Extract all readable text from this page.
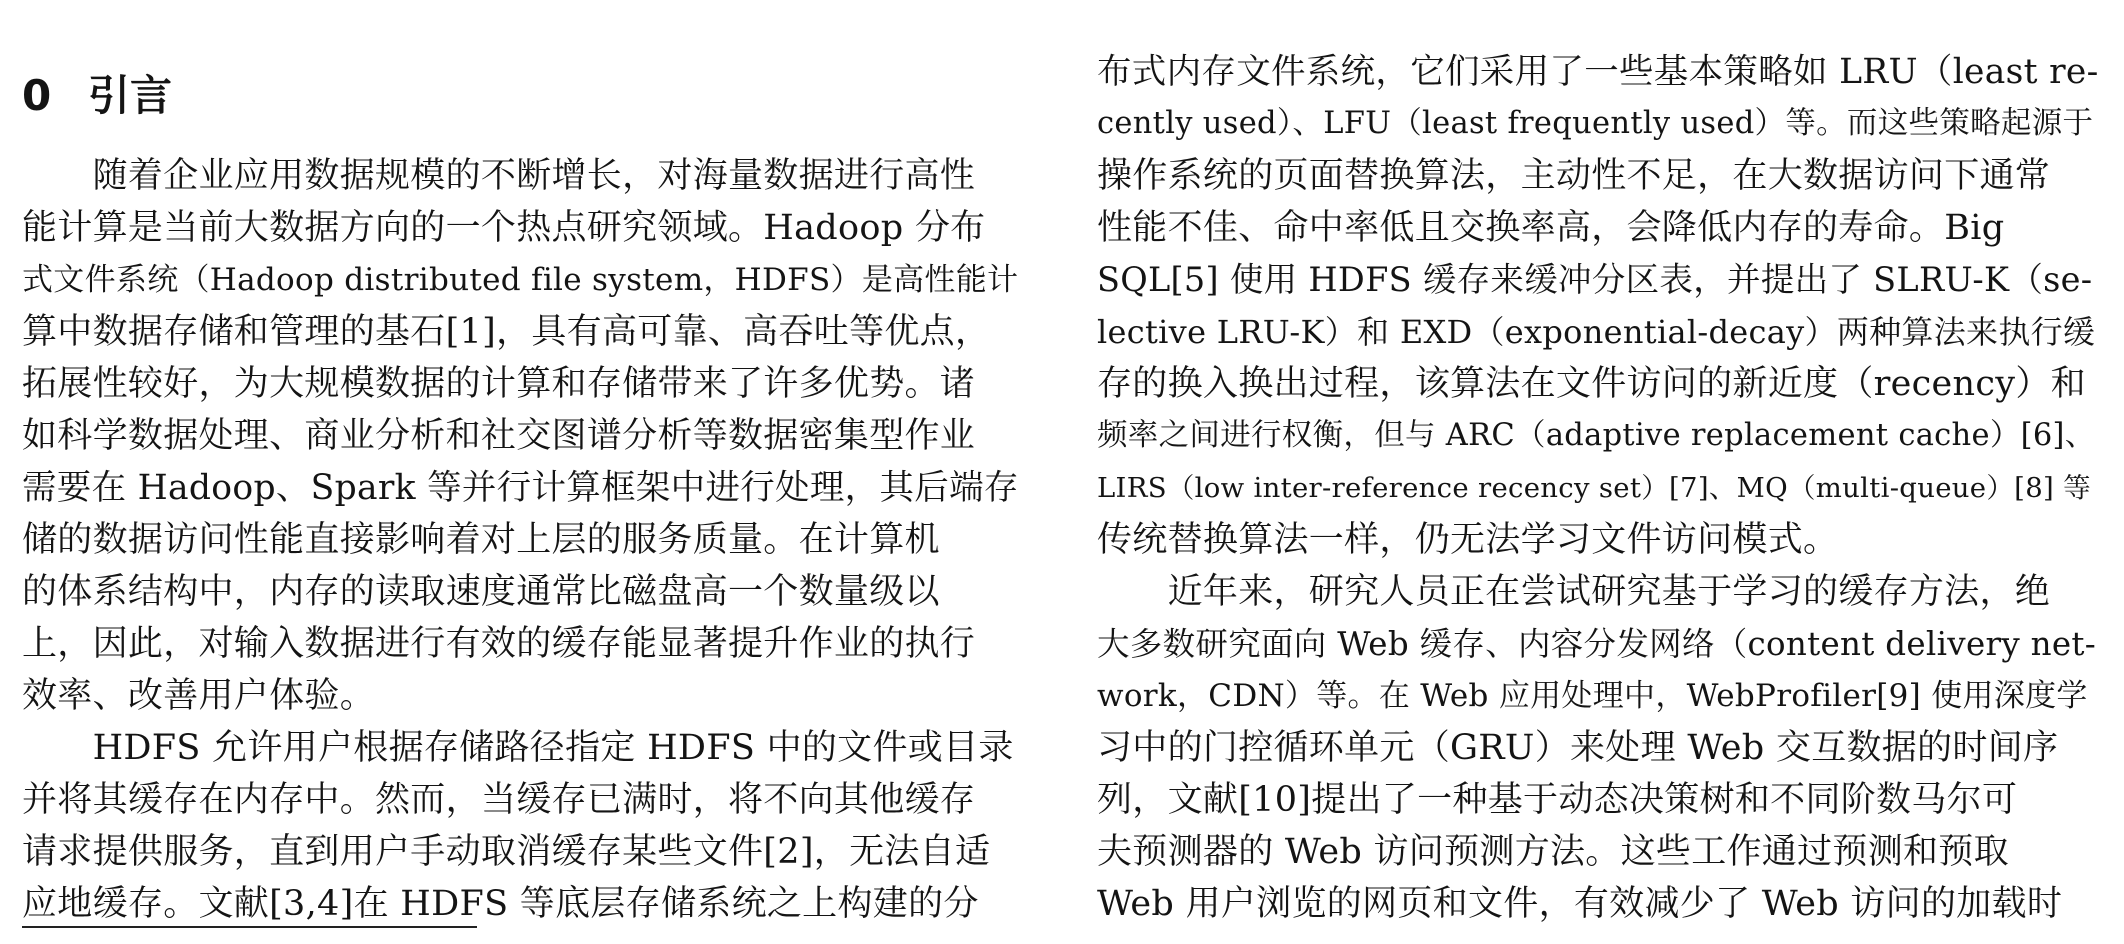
0 引言
　　随着企业应用数据规模的不断增长，对海量数据进行高性
能计算是当前大数据方向的一个热点研究领域。Hadoop 分布
式文件系统（Hadoop distributed file system，HDFS）是高性能计
算中数据存储和管理的基石[1]，具有高可靠、高吞吐等优点，
拓展性较好，为大规模数据的计算和存储带来了许多优势。诸
如科学数据处理、商业分析和社交图谱分析等数据密集型作业
需要在 Hadoop、Spark 等并行计算框架中进行处理，其后端存
储的数据访问性能直接影响着对上层的服务质量。在计算机
的体系结构中，内存的读取速度通常比磁盘高一个数量级以
上，因此，对输入数据进行有效的缓存能显著提升作业的执行
效率、改善用户体验。
　　HDFS 允许用户根据存储路径指定 HDFS 中的文件或目录
并将其缓存在内存中。然而，当缓存已满时，将不向其他缓存
请求提供服务，直到用户手动取消缓存某些文件[2]，无法自适
应地缓存。文献[3,4]在 HDFS 等底层存储系统之上构建的分
布式内存文件系统，它们采用了一些基本策略如 LRU（least re-
cently used）、LFU（least frequently used）等。而这些策略起源于
操作系统的页面替换算法，主动性不足，在大数据访问下通常
性能不佳、命中率低且交换率高，会降低内存的寿命。Big
SQL[5] 使用 HDFS 缓存来缓冲分区表，并提出了 SLRU-K（se-
lective LRU-K）和 EXD（exponential-decay）两种算法来执行缓
存的换入换出过程，该算法在文件访问的新近度（recency）和
频率之间进行权衡，但与 ARC（adaptive replacement cache）[6]、
LIRS（low inter-reference recency set）[7]、MQ（multi-queue）[8] 等
传统替换算法一样，仍无法学习文件访问模式。
　　近年来，研究人员正在尝试研究基于学习的缓存方法，绝
大多数研究面向 Web 缓存、内容分发网络（content delivery net-
work，CDN）等。在 Web 应用处理中，WebProfiler[9] 使用深度学
习中的门控循环单元（GRU）来处理 Web 交互数据的时间序
列，文献[10]提出了一种基于动态决策树和不同阶数马尔可
夫预测器的 Web 访问预测方法。这些工作通过预测和预取
Web 用户浏览的网页和文件，有效减少了 Web 访问的加载时
